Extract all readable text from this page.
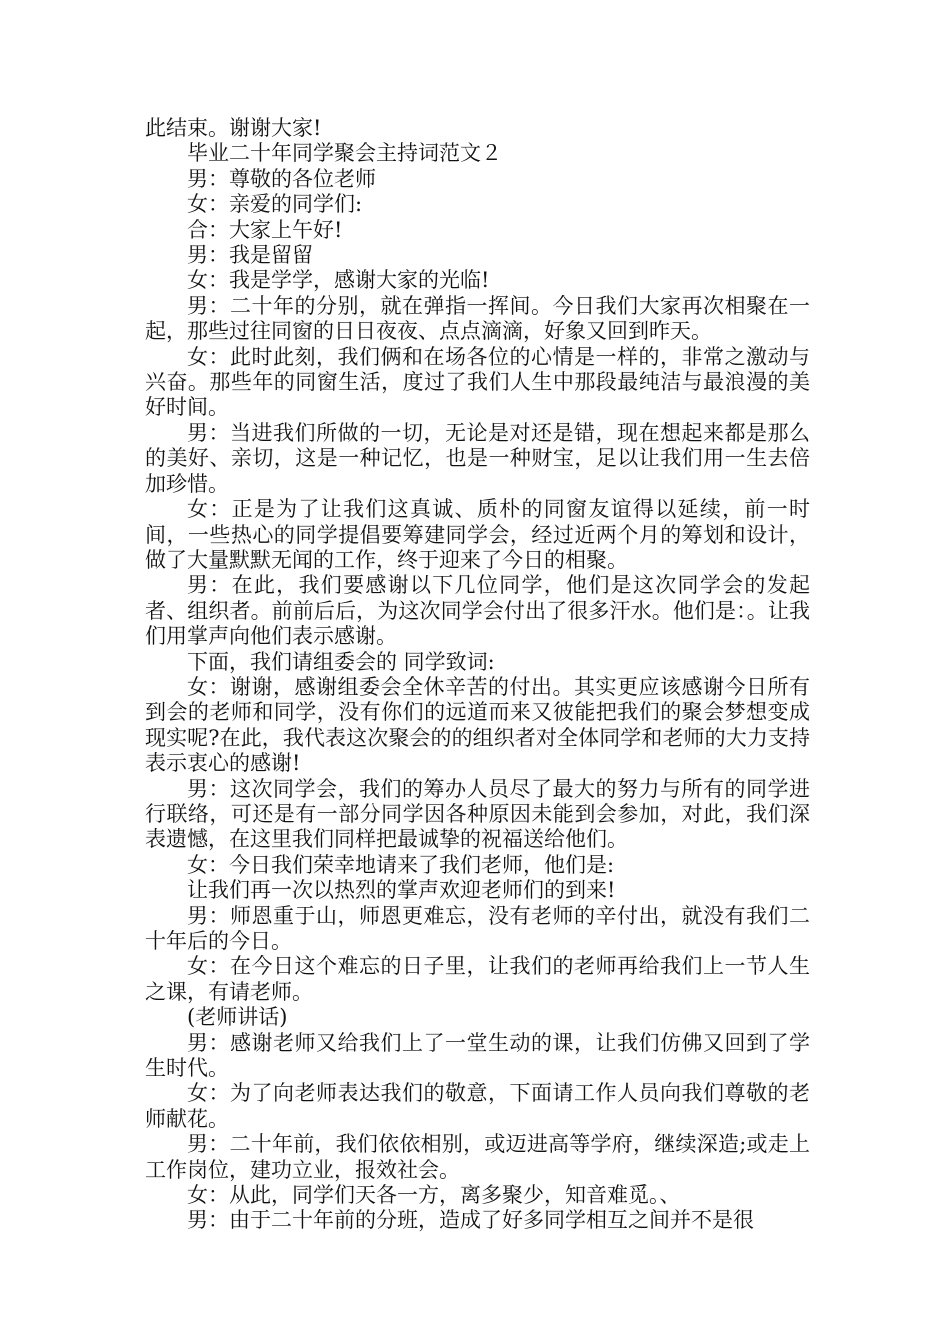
此结束。谢谢大家!

毕业二十年同学聚会主持词范文２

男：尊敬的各位老师

女：亲爱的同学们:

合：大家上午好!

男：我是留留

女：我是学学，感谢大家的光临!

男：二十年的分别，就在弹指一挥间。今日我们大家再次相聚在一起，那些过往同窗的日日夜夜、点点滴滴，好象又回到昨天。

女：此时此刻，我们俩和在场各位的心情是一样的，非常之激动与兴奋。那些年的同窗生活，度过了我们人生中那段最纯洁与最浪漫的美好时间。

男：当进我们所做的一切，无论是对还是错，现在想起来都是那么的美好、亲切，这是一种记忆，也是一种财宝，足以让我们用一生去倍加珍惜。

女：正是为了让我们这真诚、质朴的同窗友谊得以延续，前一时间，一些热心的同学提倡要筹建同学会，经过近两个月的筹划和设计，做了大量默默无闻的工作，终于迎来了今日的相聚。

男：在此，我们要感谢以下几位同学，他们是这次同学会的发起者、组织者。前前后后，为这次同学会付出了很多汗水。他们是：。让我们用掌声向他们表示感谢。

下面，我们请组委会的 同学致词:

女：谢谢，感谢组委会全休辛苦的付出。其实更应该感谢今日所有到会的老师和同学，没有你们的远道而来又彼能把我们的聚会梦想变成现实呢?在此，我代表这次聚会的的组织者对全体同学和老师的大力支持表示衷心的感谢!

男：这次同学会，我们的筹办人员尽了最大的努力与所有的同学进行联络，可还是有一部分同学因各种原因未能到会参加，对此，我们深表遗憾，在这里我们同样把最诚挚的祝福送给他们。

女：今日我们荣幸地请来了我们老师，他们是:

让我们再一次以热烈的掌声欢迎老师们的到来!

男：师恩重于山，师恩更难忘，没有老师的辛付出，就没有我们二十年后的今日。

女：在今日这个难忘的日子里，让我们的老师再给我们上一节人生之课，有请老师。

(老师讲话)

男：感谢老师又给我们上了一堂生动的课，让我们仿佛又回到了学生时代。

女：为了向老师表达我们的敬意，下面请工作人员向我们尊敬的老师献花。

男：二十年前，我们依依相别，或迈进高等学府，继续深造;或走上工作岗位，建功立业，报效社会。

女：从此，同学们天各一方，离多聚少，知音难觅。、

男：由于二十年前的分班，造成了好多同学相互之间并不是很
